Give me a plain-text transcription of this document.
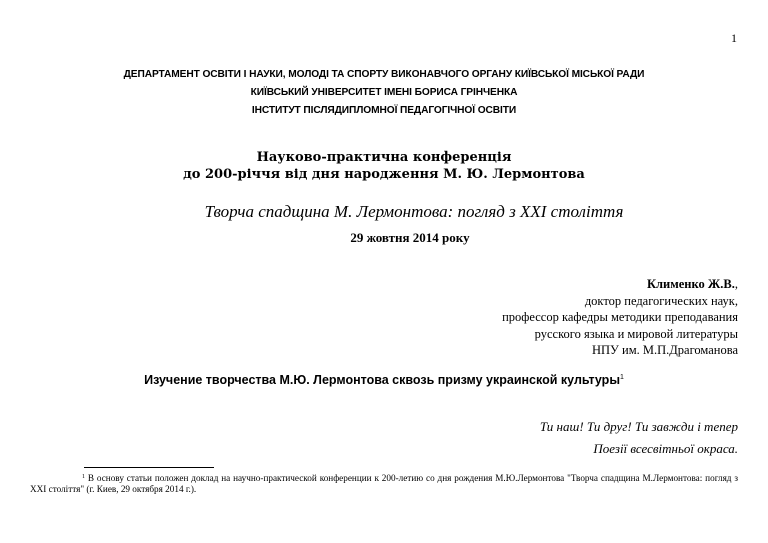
1
ДЕПАРТАМЕНТ ОСВІТИ І НАУКИ, МОЛОДІ ТА СПОРТУ ВИКОНАВЧОГО ОРГАНУ КИЇВСЬКОЇ МІСЬКОЇ РАДИ
КИЇВСЬКИЙ УНІВЕРСИТЕТ ІМЕНІ БОРИСА ГРІНЧЕНКА
ІНСТИТУТ ПІСЛЯДИПЛОМНОЇ ПЕДАГОГІЧНОЇ ОСВІТИ
Науково-практична конференція
до 200-річчя від дня народження М. Ю. Лермонтова
Творча спадщина М. Лермонтова: погляд з ХХІ століття
29 жовтня 2014 року
Клименко Ж.В.,
доктор педагогических наук,
профессор кафедры методики преподавания
русского языка и мировой литературы
НПУ им. М.П.Драгоманова
Изучение творчества М.Ю. Лермонтова сквозь призму украинской культуры$^1$
Ти наш! Ти друг! Ти завжди і тепер
Поезії всесвітньої окраса.
$^1$ В основу статьи положен доклад на научно-практической конференции к 200-летию со дня рождения М.Ю.Лермонтова "Творча спадщина М.Лермонтова: погляд з ХХІ століття" (г. Киев, 29 октября 2014 г.).
